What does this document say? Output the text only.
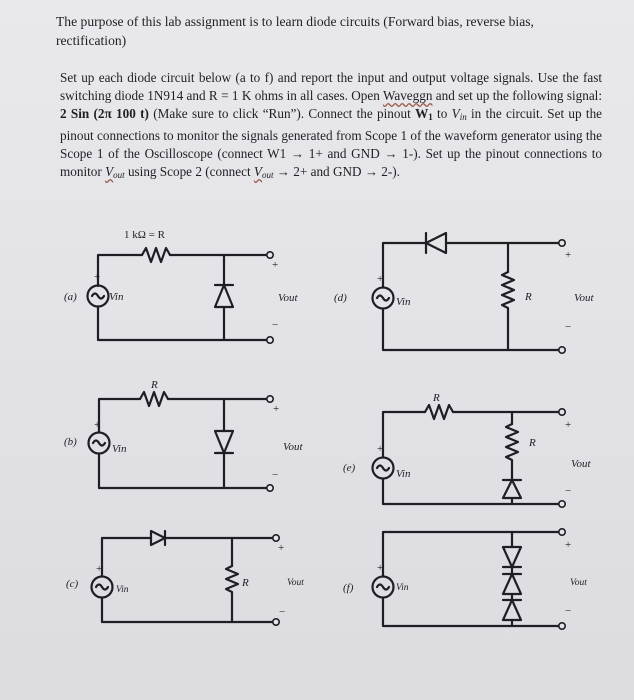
The purpose of this lab assignment is to learn diode circuits (Forward bias, reverse bias, rectification)

Set up each diode circuit below (a to f) and report the input and output voltage signals. Use the fast switching diode 1N914 and R = 1 K ohms in all cases. Open Waveggn and set up the following signal: 2 Sin (2π 100 t) (Make sure to click “Run”). Connect the pinout $W_1$ to $V_{in}$ in the circuit. Set up the pinout connections to monitor the signals generated from Scope 1 of the waveform generator using the Scope 1 of the Oscilloscope (connect W1 → 1+ and GND → 1-). Set up the pinout connections to monitor $V_{out}$ using Scope 2 (connect $V_{out} \to 2+$ and GND → 2-).

(a)	Vin
1 kΩ = R
+
+
−
Vout
(b)
Vin
R
+
+
−
Vout
(c)	Vin
R
+
+
−
Vout
(d)	Vin	R
+
+
−
Vout
(e)	Vin
R
R
+
+
−
Vout
(f)	Vin
+
+
−
Vout
